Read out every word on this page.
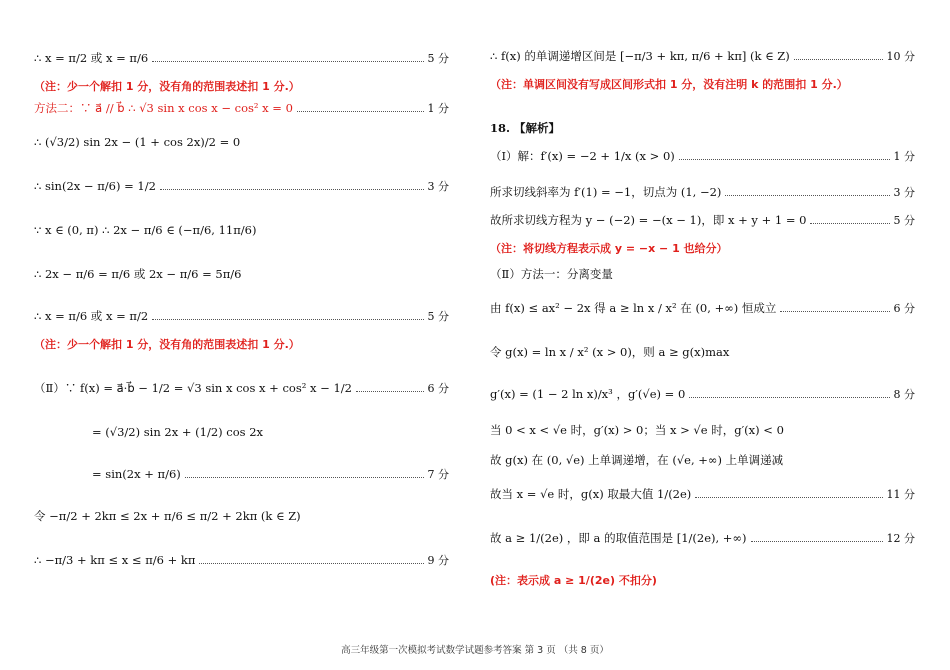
∴ x = π/2 或 x = π/6	5 分
（注：少一个解扣 1 分，没有角的范围表述扣 1 分.）
方法二：∵ a⃗ // b⃗ ∴ √3 sin x cos x − cos² x = 0	1 分
∴ (√3/2) sin 2x − (1 + cos 2x)/2 = 0
∴ sin(2x − π/6) = 1/2	3 分
∵ x ∈ (0, π) ∴ 2x − π/6 ∈ (−π/6, 11π/6)
∴ 2x − π/6 = π/6 或 2x − π/6 = 5π/6
∴ x = π/6 或 x = π/2	5 分
（注：少一个解扣 1 分，没有角的范围表述扣 1 分.）
（Ⅱ）∵ f(x) = a⃗·b⃗ − 1/2 = √3 sin x cos x + cos² x − 1/2	6 分
= (√3/2) sin 2x + (1/2) cos 2x
= sin(2x + π/6)	7 分
令 −π/2 + 2kπ ≤ 2x + π/6 ≤ π/2 + 2kπ (k ∈ Z)
∴ −π/3 + kπ ≤ x ≤ π/6 + kπ	9 分
∴ f(x) 的单调递增区间是 [−π/3 + kπ, π/6 + kπ] (k ∈ Z)	10 分
（注：单调区间没有写成区间形式扣 1 分，没有注明 k 的范围扣 1 分.）
18. 【解析】
（Ⅰ）解：f′(x) = −2 + 1/x (x > 0)	1 分
所求切线斜率为 f′(1) = −1，切点为 (1, −2)	3 分
故所求切线方程为 y − (−2) = −(x − 1)，即 x + y + 1 = 0	5 分
（注：将切线方程表示成 y = −x − 1 也给分）
（Ⅱ）方法一：分离变量
由 f(x) ≤ ax² − 2x 得 a ≥ ln x / x² 在 (0, +∞) 恒成立	6 分
令 g(x) = ln x / x² (x > 0)，则 a ≥ g(x)max
g′(x) = (1 − 2 ln x)/x³ ，g′(√e) = 0	8 分
当 0 < x < √e 时，g′(x) > 0；当 x > √e 时，g′(x) < 0
故 g(x) 在 (0, √e) 上单调递增，在 (√e, +∞) 上单调递减
故当 x = √e 时，g(x) 取最大值 1/(2e)	11 分
故 a ≥ 1/(2e) ，即 a 的取值范围是 [1/(2e), +∞)	12 分
(注：表示成 a ≥ 1/(2e) 不扣分)
高三年级第一次模拟考试数学试题参考答案 第 3 页 （共 8 页）
